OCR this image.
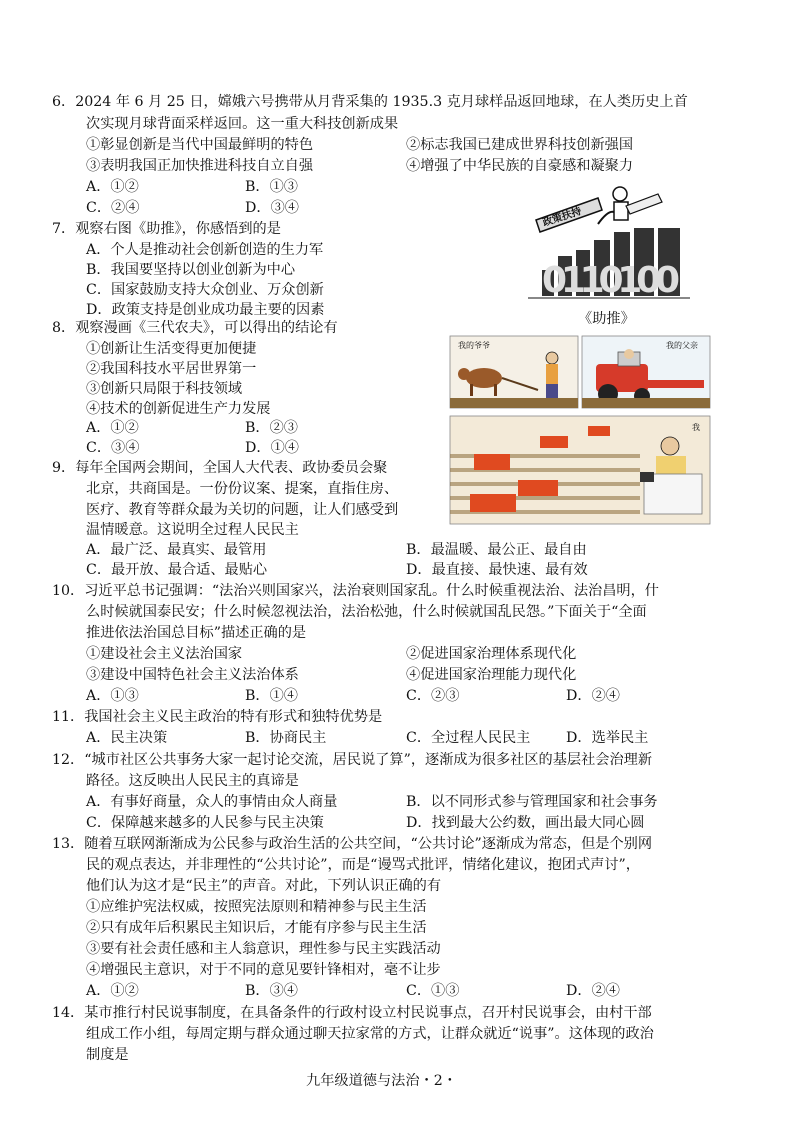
6．2024 年 6 月 25 日，嫦娥六号携带从月背采集的 1935.3 克月球样品返回地球，在人类历史上首
次实现月球背面采样返回。这一重大科技创新成果
①彰显创新是当代中国最鲜明的特色	②标志我国已建成世界科技创新强国
③表明我国正加快推进科技自立自强	④增强了中华民族的自豪感和凝聚力
A．①②	B．①③
C．②④	D．③④
7．观察右图《助推》，你感悟到的是
A．个人是推动社会创新创造的生力军
B．我国要坚持以创业创新为中心
C．国家鼓励支持大众创业、万众创新
D．政策支持是创业成功最主要的因素
政策扶持
0110100
《助推》
8．观察漫画《三代农夫》，可以得出的结论有
①创新让生活变得更加便捷
②我国科技水平居世界第一
③创新只局限于科技领域
④技术的创新促进生产力发展
A．①②	B．②③
C．③④	D．①④
我的爷爷	我的父亲
我
9．每年全国两会期间，全国人大代表、政协委员会聚
北京，共商国是。一份份议案、提案，直指住房、
医疗、教育等群众最为关切的问题，让人们感受到
温情暖意。这说明全过程人民民主
A．最广泛、最真实、最管用	B．最温暖、最公正、最自由
C．最开放、最合适、最贴心	D．最直接、最快速、最有效
10．习近平总书记强调：“法治兴则国家兴，法治衰则国家乱。什么时候重视法治、法治昌明，什
么时候就国泰民安；什么时候忽视法治，法治松弛，什么时候就国乱民怨。”下面关于“全面
推进依法治国总目标”描述正确的是
①建设社会主义法治国家	②促进国家治理体系现代化
③建设中国特色社会主义法治体系	④促进国家治理能力现代化
A．①③	B．①④	C．②③	D．②④
11．我国社会主义民主政治的特有形式和独特优势是
A．民主决策	B．协商民主	C．全过程人民民主	D．选举民主
12．“城市社区公共事务大家一起讨论交流，居民说了算”，逐渐成为很多社区的基层社会治理新
路径。这反映出人民民主的真谛是
A．有事好商量，众人的事情由众人商量	B．以不同形式参与管理国家和社会事务
C．保障越来越多的人民参与民主决策	D．找到最大公约数，画出最大同心圆
13．随着互联网渐渐成为公民参与政治生活的公共空间，“公共讨论”逐渐成为常态，但是个别网
民的观点表达，并非理性的“公共讨论”，而是“谩骂式批评，情绪化建议，抱团式声讨”，
他们认为这才是“民主”的声音。对此，下列认识正确的有
①应维护宪法权威，按照宪法原则和精神参与民主生活
②只有成年后积累民主知识后，才能有序参与民主生活
③要有社会责任感和主人翁意识，理性参与民主实践活动
④增强民主意识，对于不同的意见要针锋相对，毫不让步
A．①②	B．③④	C．①③	D．②④
14．某市推行村民说事制度，在具备条件的行政村设立村民说事点，召开村民说事会，由村干部
组成工作小组，每周定期与群众通过聊天拉家常的方式，让群众就近“说事”。这体现的政治
制度是
九年级道德与法治・2・
